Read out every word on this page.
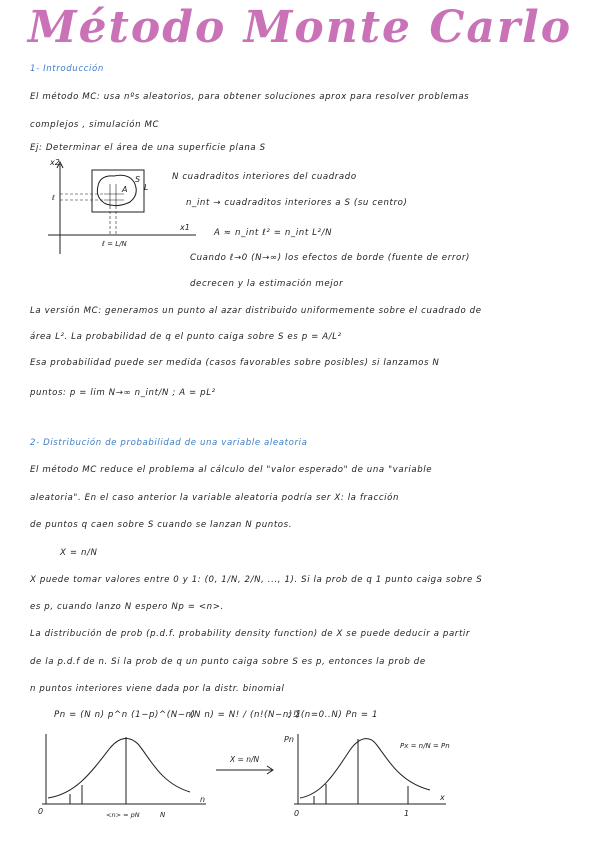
Método Monte Carlo
1- Introducción
El método MC: usa nºs aleatorios, para obtener soluciones aprox para resolver problemas
complejos , simulación MC
Ej: Determinar el área de una superficie plana S
x2
x1
S
A L
ℓ
ℓ = L/N
N cuadraditos interiores del cuadrado
n_int → cuadraditos interiores a S (su centro)
A ≈ n_int ℓ² = n_int L²/N
Cuando ℓ→0 (N→∞) los efectos de borde (fuente de error)
decrecen y la estimación mejor
La versión MC: generamos un punto al azar distribuido uniformemente sobre el cuadrado de
área L². La probabilidad de q el punto caiga sobre S es p = A/L²
Esa probabilidad puede ser medida (casos favorables sobre posibles) si lanzamos N
puntos: p = lim N→∞ n_int/N ; A = pL²
2- Distribución de probabilidad de una variable aleatoria
El método MC reduce el problema al cálculo del "valor esperado" de una "variable
aleatoria". En el caso anterior la variable aleatoria podría ser X: la fracción
de puntos q caen sobre S cuando se lanzan N puntos.
X = n/N
X puede tomar valores entre 0 y 1: (0, 1/N, 2/N, ..., 1). Si la prob de q 1 punto caiga sobre S
es p, cuando lanzo N espero Np = <n>.
La distribución de prob (p.d.f. probability density function) de X se puede deducir a partir
de la p.d.f de n. Si la prob de q un punto caiga sobre S es p, entonces la prob de
n puntos interiores viene dada por la distr. binomial
Pn = (N n) p^n (1−p)^(N−n)
(N n) = N! / (n!(N−n)!)
; Σ(n=0..N) Pn = 1
0
n
<n> = pN	N
X = n/N
Pn
x
0	1
Px = n/N = Pn
